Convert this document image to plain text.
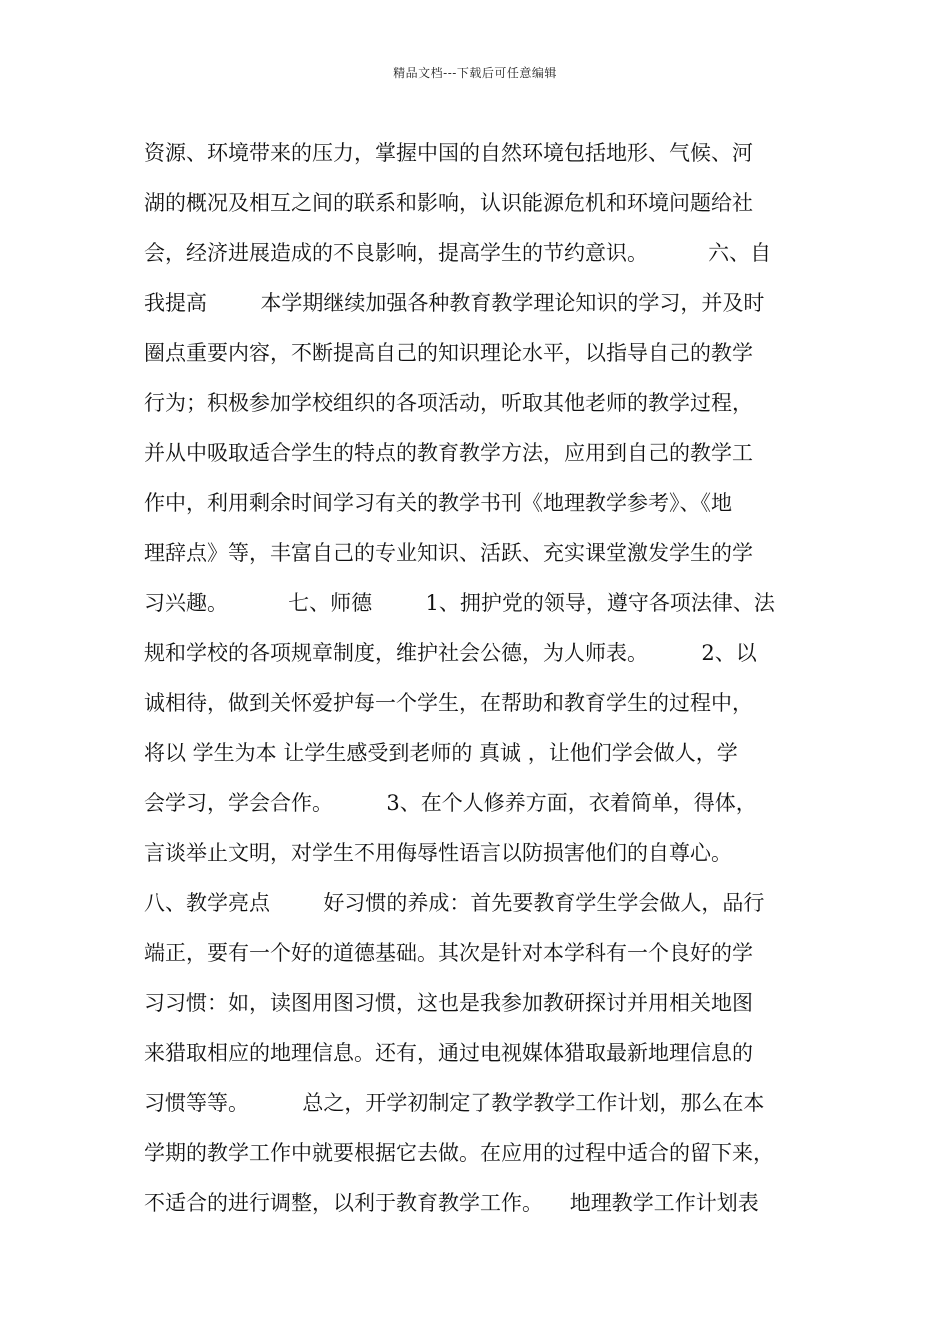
精品文档---下载后可任意编辑
资源、环境带来的压力，掌握中国的自然环境包括地形、气候、河
湖的概况及相互之间的联系和影响，认识能源危机和环境问题给社
会，经济进展造成的不良影响，提高学生的节约意识。         六、自
我提高        本学期继续加强各种教育教学理论知识的学习，并及时
圈点重要内容，不断提高自己的知识理论水平，以指导自己的教学
行为；积极参加学校组织的各项活动，听取其他老师的教学过程，
并从中吸取适合学生的特点的教育教学方法，应用到自己的教学工
作中，利用剩余时间学习有关的教学书刊《地理教学参考》、《地
理辞点》等，丰富自己的专业知识、活跃、充实课堂激发学生的学
习兴趣。         七、师德        1、拥护党的领导，遵守各项法律、法
规和学校的各项规章制度，维护社会公德，为人师表。        2、以
诚相待，做到关怀爱护每一个学生，在帮助和教育学生的过程中，
将以 学生为本 让学生感受到老师的 真诚 ，让他们学会做人，学
会学习，学会合作。        3、在个人修养方面，衣着简单，得体，
言谈举止文明，对学生不用侮辱性语言以防损害他们的自尊心。
八、教学亮点        好习惯的养成：首先要教育学生学会做人，品行
端正，要有一个好的道德基础。其次是针对本学科有一个良好的学
习习惯：如，读图用图习惯，这也是我参加教研探讨并用相关地图
来猎取相应的地理信息。还有，通过电视媒体猎取最新地理信息的
习惯等等。        总之，开学初制定了教学教学工作计划，那么在本
学期的教学工作中就要根据它去做。在应用的过程中适合的留下来，
不适合的进行调整，以利于教育教学工作。    地理教学工作计划表
